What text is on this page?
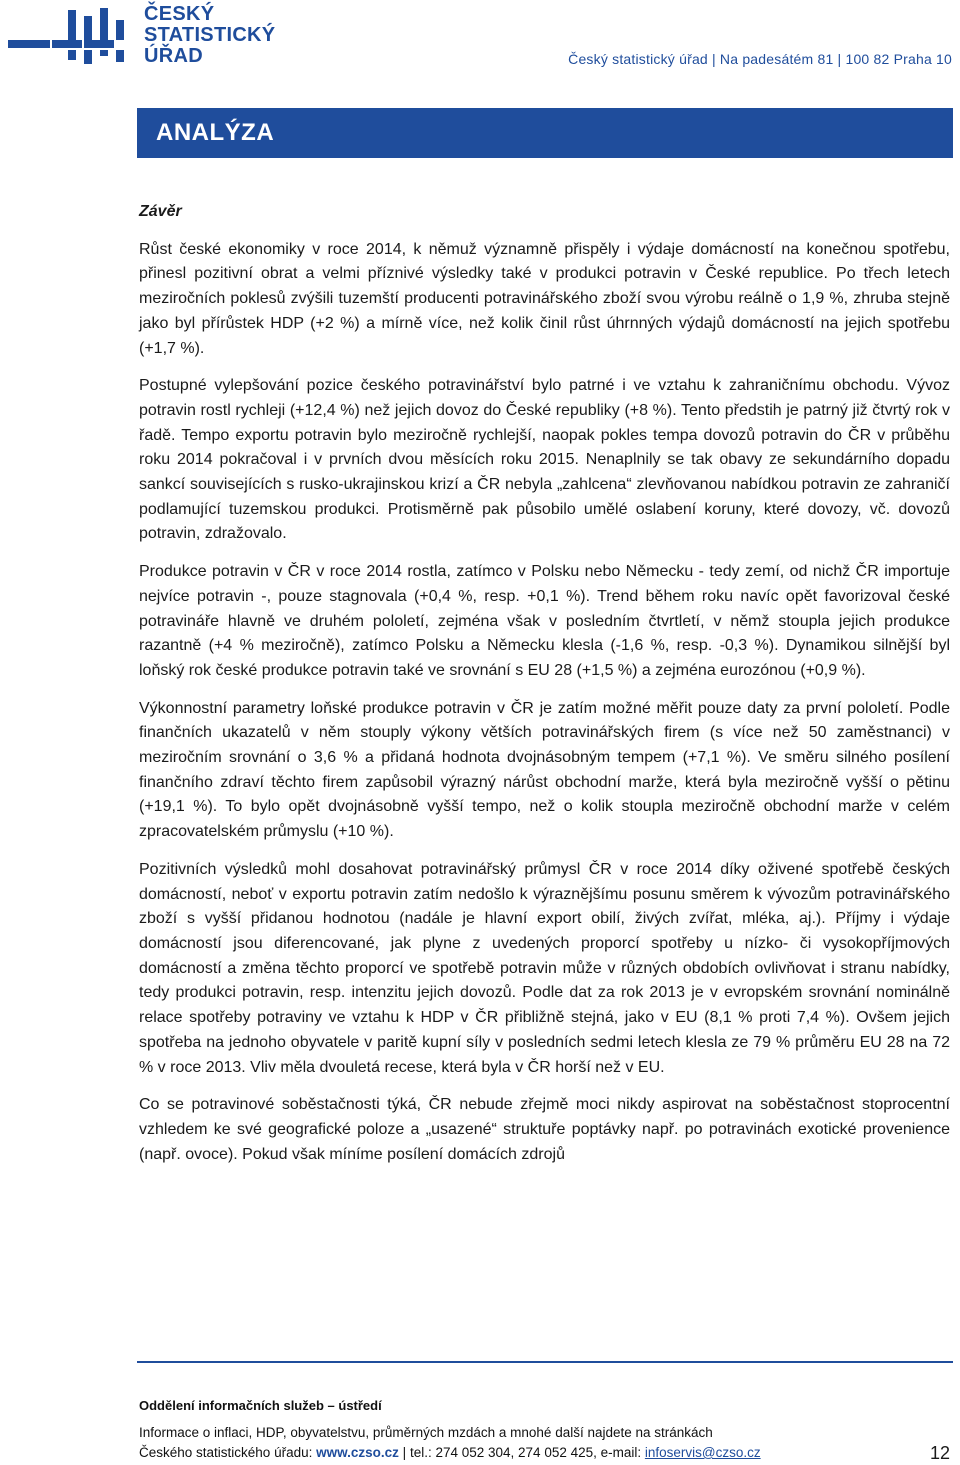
ČESKÝ
STATISTICKÝ
ÚŘAD	Český statistický úřad | Na padesátém 81 | 100 82 Praha 10
ANALÝZA
Závěr

Růst české ekonomiky v roce 2014, k němuž významně přispěly i výdaje domácností na konečnou spotřebu, přinesl pozitivní obrat a velmi příznivé výsledky také v produkci potravin v České republice. Po třech letech meziročních poklesů zvýšili tuzemští producenti potravinářského zboží svou výrobu reálně o 1,9 %, zhruba stejně jako byl přírůstek HDP (+2 %) a mírně více, než kolik činil růst úhrnných výdajů domácností na jejich spotřebu (+1,7 %).

Postupné vylepšování pozice českého potravinářství bylo patrné i ve vztahu k zahraničnímu obchodu. Vývoz potravin rostl rychleji (+12,4 %) než jejich dovoz do České republiky (+8 %). Tento předstih je patrný již čtvrtý rok v řadě. Tempo exportu potravin bylo meziročně rychlejší, naopak pokles tempa dovozů potravin do ČR v průběhu roku 2014 pokračoval i v prvních dvou měsících roku 2015. Nenaplnily se tak obavy ze sekundárního dopadu sankcí souvisejících s rusko-ukrajinskou krizí a ČR nebyla „zahlcena“ zlevňovanou nabídkou potravin ze zahraničí podlamující tuzemskou produkci. Protisměrně pak působilo umělé oslabení koruny, které dovozy, vč. dovozů potravin, zdražovalo.

Produkce potravin v ČR v roce 2014 rostla, zatímco v Polsku nebo Německu - tedy zemí, od nichž ČR importuje nejvíce potravin -, pouze stagnovala (+0,4 %, resp. +0,1 %). Trend během roku navíc opět favorizoval české potravináře hlavně ve druhém pololetí, zejména však v posledním čtvrtletí, v němž stoupla jejich produkce razantně (+4 % meziročně), zatímco Polsku a Německu klesla (-1,6 %, resp. -0,3 %). Dynamikou silnější byl loňský rok české produkce potravin také ve srovnání s EU 28 (+1,5 %) a zejména eurozónou (+0,9 %).

Výkonnostní parametry loňské produkce potravin v ČR je zatím možné měřit pouze daty za první pololetí. Podle finančních ukazatelů v něm stouply výkony větších potravinářských firem (s více než 50 zaměstnanci) v meziročním srovnání o 3,6 % a přidaná hodnota dvojnásobným tempem (+7,1 %). Ve směru silného posílení finančního zdraví těchto firem zapůsobil výrazný nárůst obchodní marže, která byla meziročně vyšší o pětinu (+19,1 %). To bylo opět dvojnásobně vyšší tempo, než o kolik stoupla meziročně obchodní marže v celém zpracovatelském průmyslu (+10 %).

Pozitivních výsledků mohl dosahovat potravinářský průmysl ČR v roce 2014 díky oživené spotřebě českých domácností, neboť v exportu potravin zatím nedošlo k výraznějšímu posunu směrem k vývozům potravinářského zboží s vyšší přidanou hodnotou (nadále je hlavní export obilí, živých zvířat, mléka, aj.). Příjmy i výdaje domácností jsou diferencované, jak plyne z uvedených proporcí spotřeby u nízko- či vysokopříjmových domácností a změna těchto proporcí ve spotřebě potravin může v různých obdobích ovlivňovat i stranu nabídky, tedy produkci potravin, resp. intenzitu jejich dovozů. Podle dat za rok 2013 je v evropském srovnání nominálně relace spotřeby potraviny ve vztahu k HDP v ČR přibližně stejná, jako v EU (8,1 % proti 7,4 %). Ovšem jejich spotřeba na jednoho obyvatele v paritě kupní síly v posledních sedmi letech klesla ze 79 % průměru EU 28 na 72 % v roce 2013. Vliv měla dvouletá recese, která byla v ČR horší než v EU.

Co se potravinové soběstačnosti týká, ČR nebude zřejmě moci nikdy aspirovat na soběstačnost stoprocentní vzhledem ke své geografické poloze a „usazené“ struktuře poptávky např. po potravinách exotické provenience (např. ovoce). Pokud však míníme posílení domácích zdrojů

Oddělení informačních služeb – ústředí
Informace o inflaci, HDP, obyvatelstvu, průměrných mzdách a mnohé další najdete na stránkách
Českého statistického úřadu: www.czso.cz | tel.: 274 052 304, 274 052 425, e-mail: infoservis@czso.cz	12
